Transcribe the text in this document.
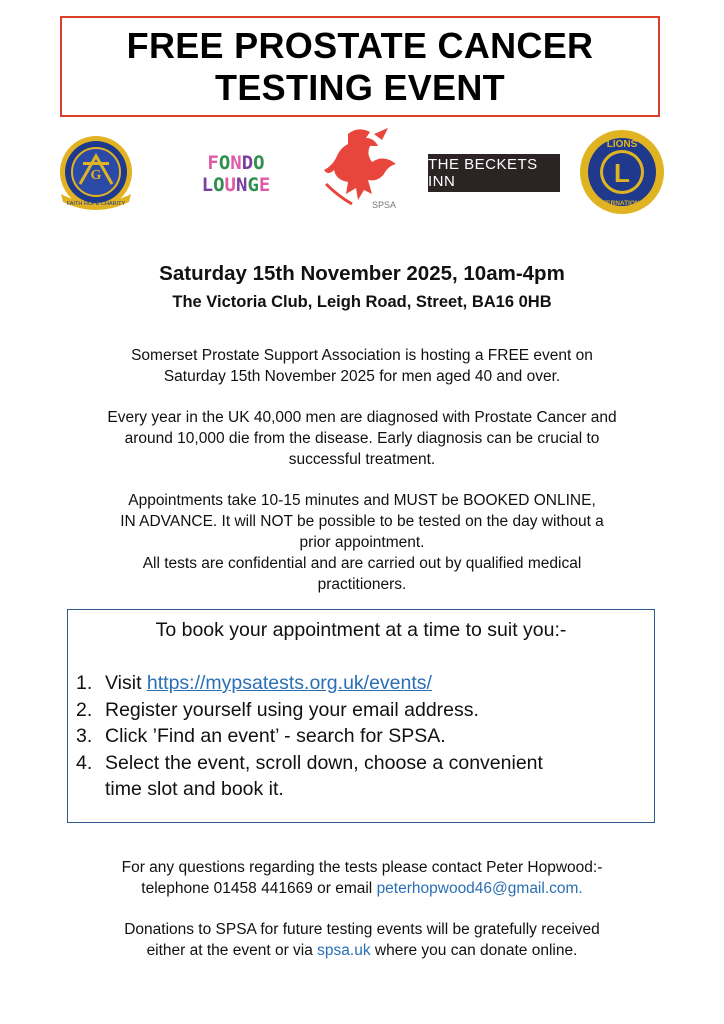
FREE PROSTATE CANCER
TESTING EVENT
G
FAITH HOPE CHARITY
FONDO
LOUNGE
SPSA
THE BECKETS INN	L
LIONS
INTERNATIONAL
Saturday 15th November 2025, 10am-4pm
The Victoria Club, Leigh Road, Street, BA16 0HB

Somerset Prostate Support Association is hosting a FREE event on

Saturday 15th November 2025 for men aged 40 and over.

Every year in the UK 40,000 men are diagnosed with Prostate Cancer and

around 10,000 die from the disease. Early diagnosis can be crucial to

successful treatment.

Appointments take 10-15 minutes and MUST be BOOKED ONLINE,

IN ADVANCE. It will NOT be possible to be tested on the day without a

prior appointment.

All tests are confidential and are carried out by qualified medical

practitioners.

To book your appointment at a time to suit you:-
1. Visit https://mypsatests.org.uk/events/
2. Register yourself using your email address.
3. Click ’Find an event’ - search for SPSA.
4. Select the event, scroll down, choose a convenient
time slot and book it.

For any questions regarding the tests please contact Peter Hopwood:-

telephone 01458 441669 or email peterhopwood46@gmail.com.

Donations to SPSA for future testing events will be gratefully received

either at the event or via spsa.uk where you can donate online.
